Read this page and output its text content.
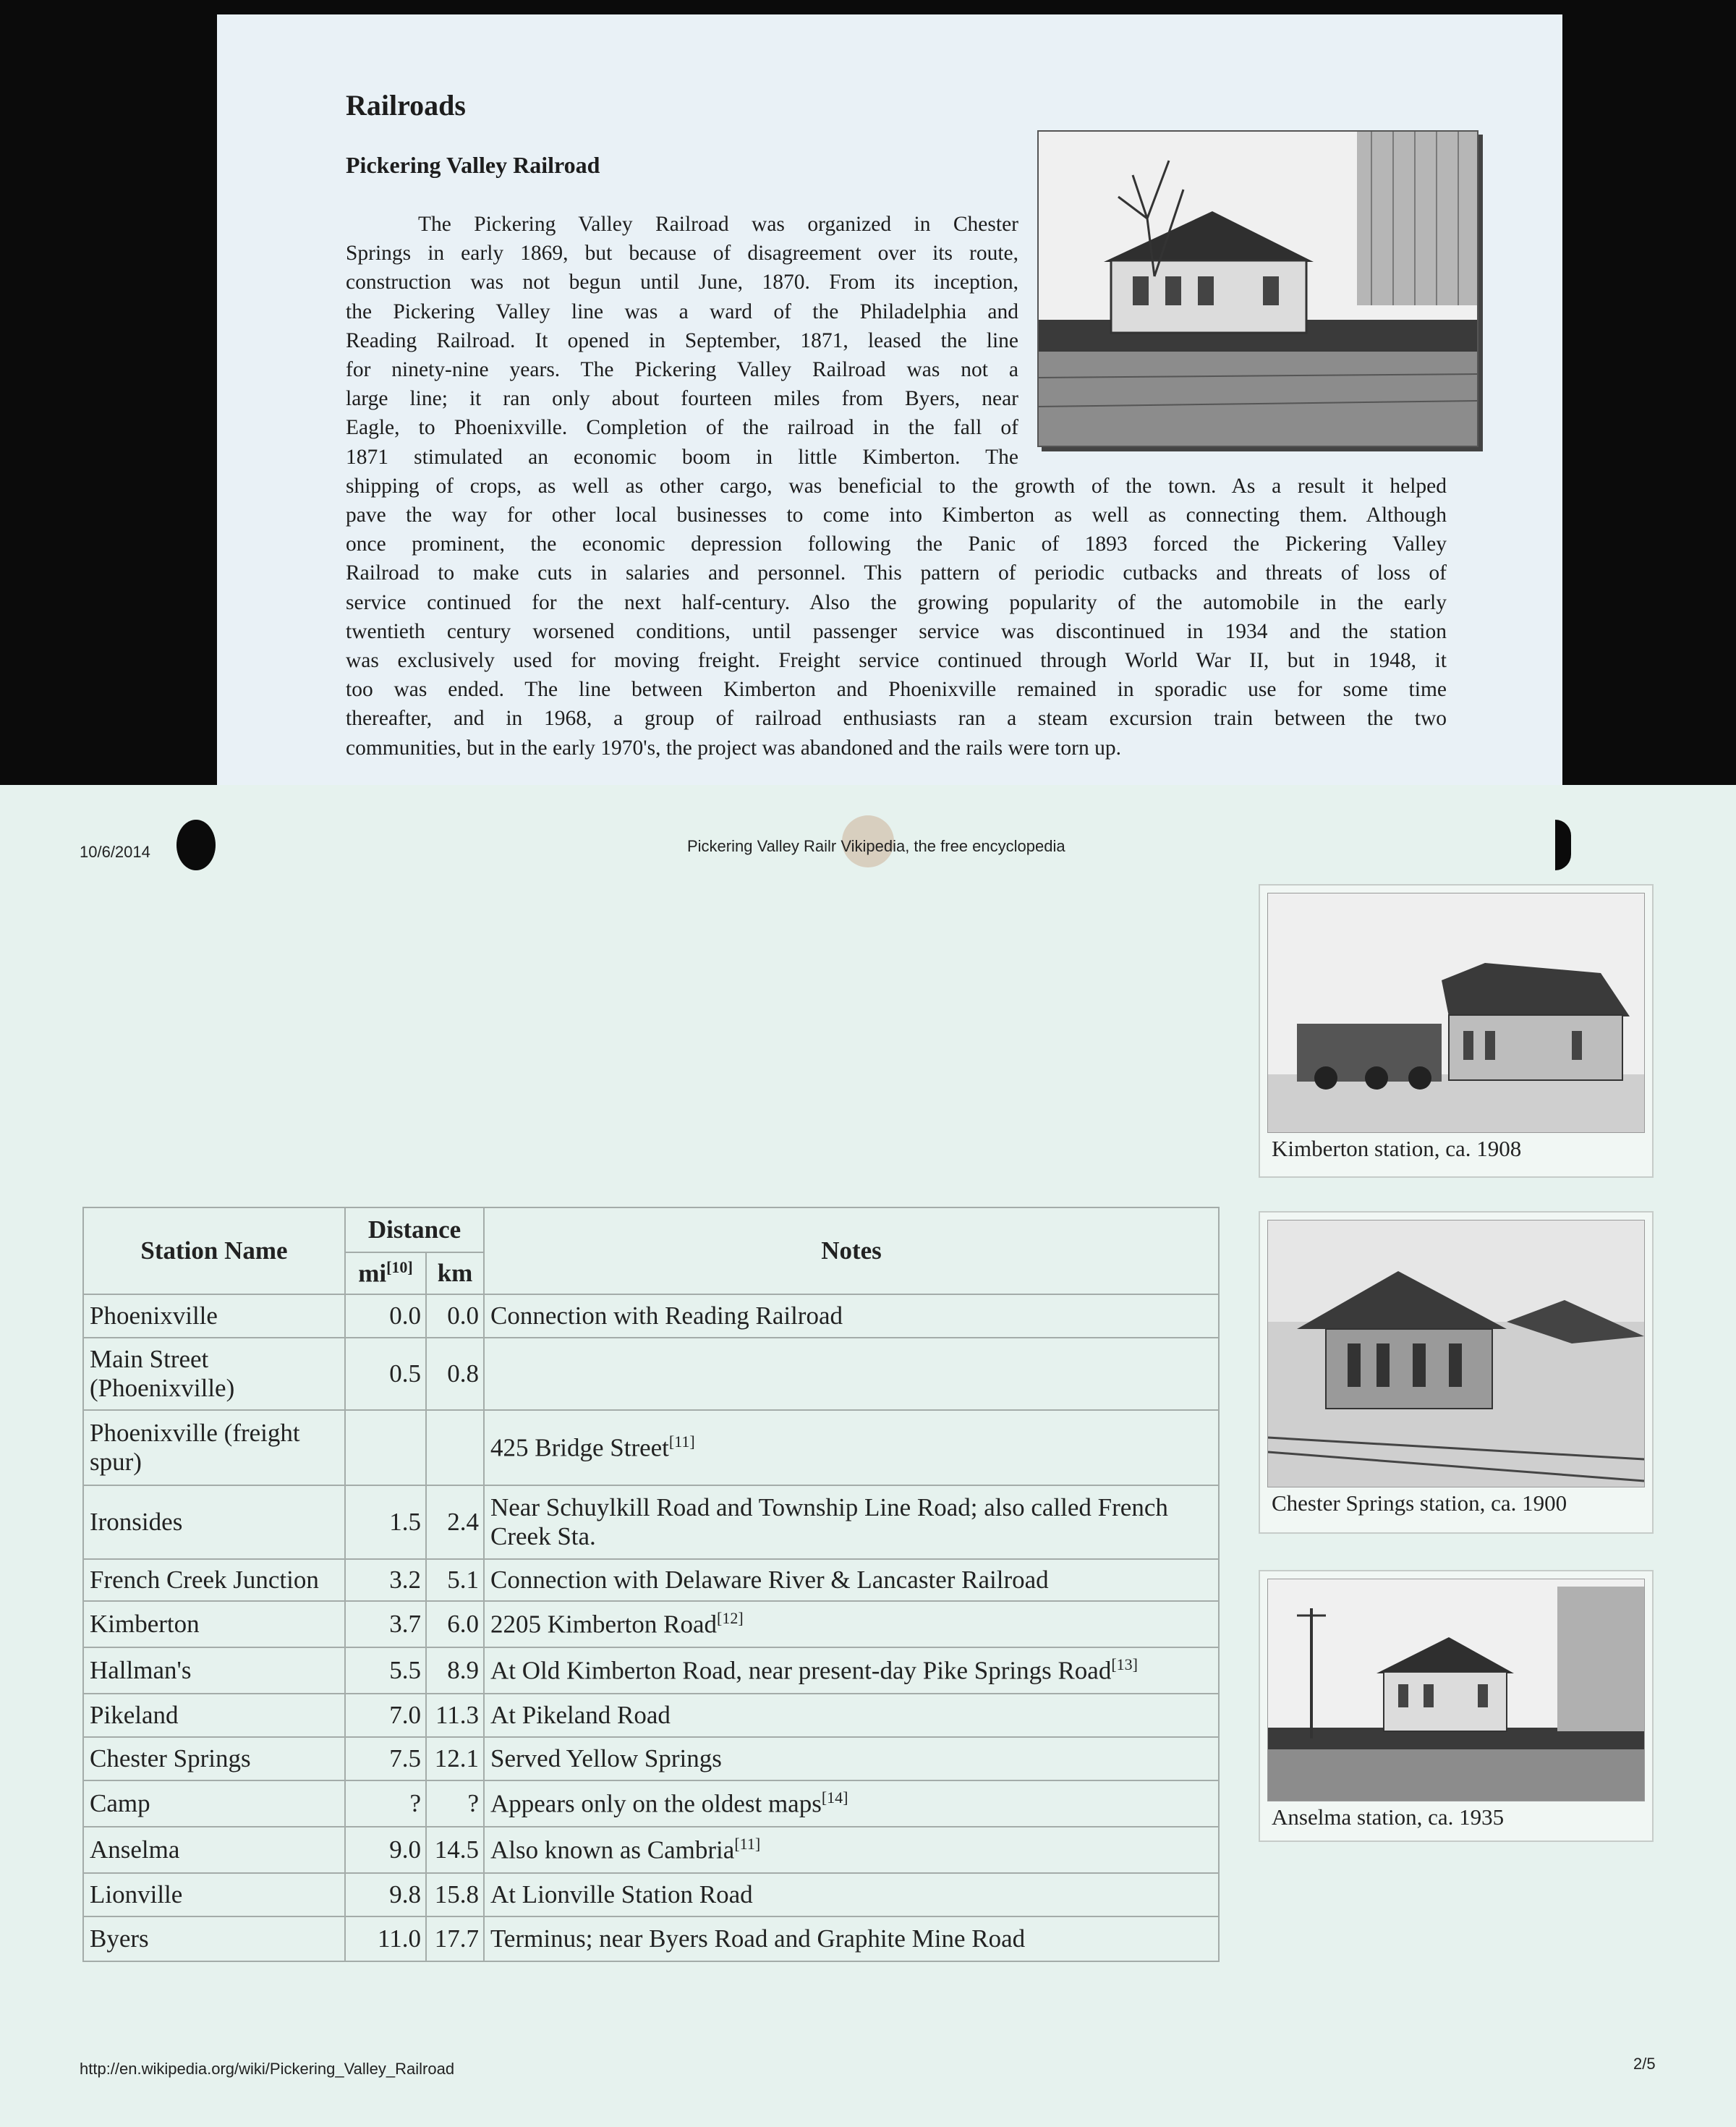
Railroads
Pickering Valley Railroad
The Pickering Valley Railroad was organized in Chester
Springs in early 1869, but because of disagreement over its route,
construction was not begun until June, 1870. From its inception,
the Pickering Valley line was a ward of the Philadelphia and
Reading Railroad. It opened in September, 1871, leased the line
for ninety-nine years. The Pickering Valley Railroad was not a
large line; it ran only about fourteen miles from Byers, near
Eagle, to Phoenixville. Completion of the railroad in the fall of
1871 stimulated an economic boom in little Kimberton. The
shipping of crops, as well as other cargo, was beneficial to the growth of the town. As a result it helped
pave the way for other local businesses to come into Kimberton as well as connecting them. Although
once prominent, the economic depression following the Panic of 1893 forced the Pickering Valley
Railroad to make cuts in salaries and personnel. This pattern of periodic cutbacks and threats of loss of
service continued for the next half-century. Also the growing popularity of the automobile in the early
twentieth century worsened conditions, until passenger service was discontinued in 1934 and the station
was exclusively used for moving freight. Freight service continued through World War II, but in 1948, it
too was ended. The line between Kimberton and Phoenixville remained in sporadic use for some time
thereafter, and in 1968, a group of railroad enthusiasts ran a steam excursion train between the two
communities, but in the early 1970's, the project was abandoned and the rails were torn up.
10/6/2014	Pickering Valley Railr Vikipedia, the free encyclopedia
http://en.wikipedia.org/wiki/Pickering_Valley_Railroad	2/5
Station Name	Distance		Notes
	mi[10]	km	
Phoenixville	0.0	0.0	Connection with Reading Railroad
Main Street (Phoenixville)	0.5	0.8	
Phoenixville (freight spur)			425 Bridge Street[11]
Ironsides	1.5	2.4	Near Schuylkill Road and Township Line Road; also called French Creek Sta.
French Creek Junction	3.2	5.1	Connection with Delaware River & Lancaster Railroad
Kimberton	3.7	6.0	2205 Kimberton Road[12]
Hallman's	5.5	8.9	At Old Kimberton Road, near present-day Pike Springs Road[13]
Pikeland	7.0	11.3	At Pikeland Road
Chester Springs	7.5	12.1	Served Yellow Springs
Camp	?	?	Appears only on the oldest maps[14]
Anselma	9.0	14.5	Also known as Cambria[11]
Lionville	9.8	15.8	At Lionville Station Road
Byers	11.0	17.7	Terminus; near Byers Road and Graphite Mine Road
Kimberton station, ca. 1908
Chester Springs station, ca. 1900
Anselma station, ca. 1935
